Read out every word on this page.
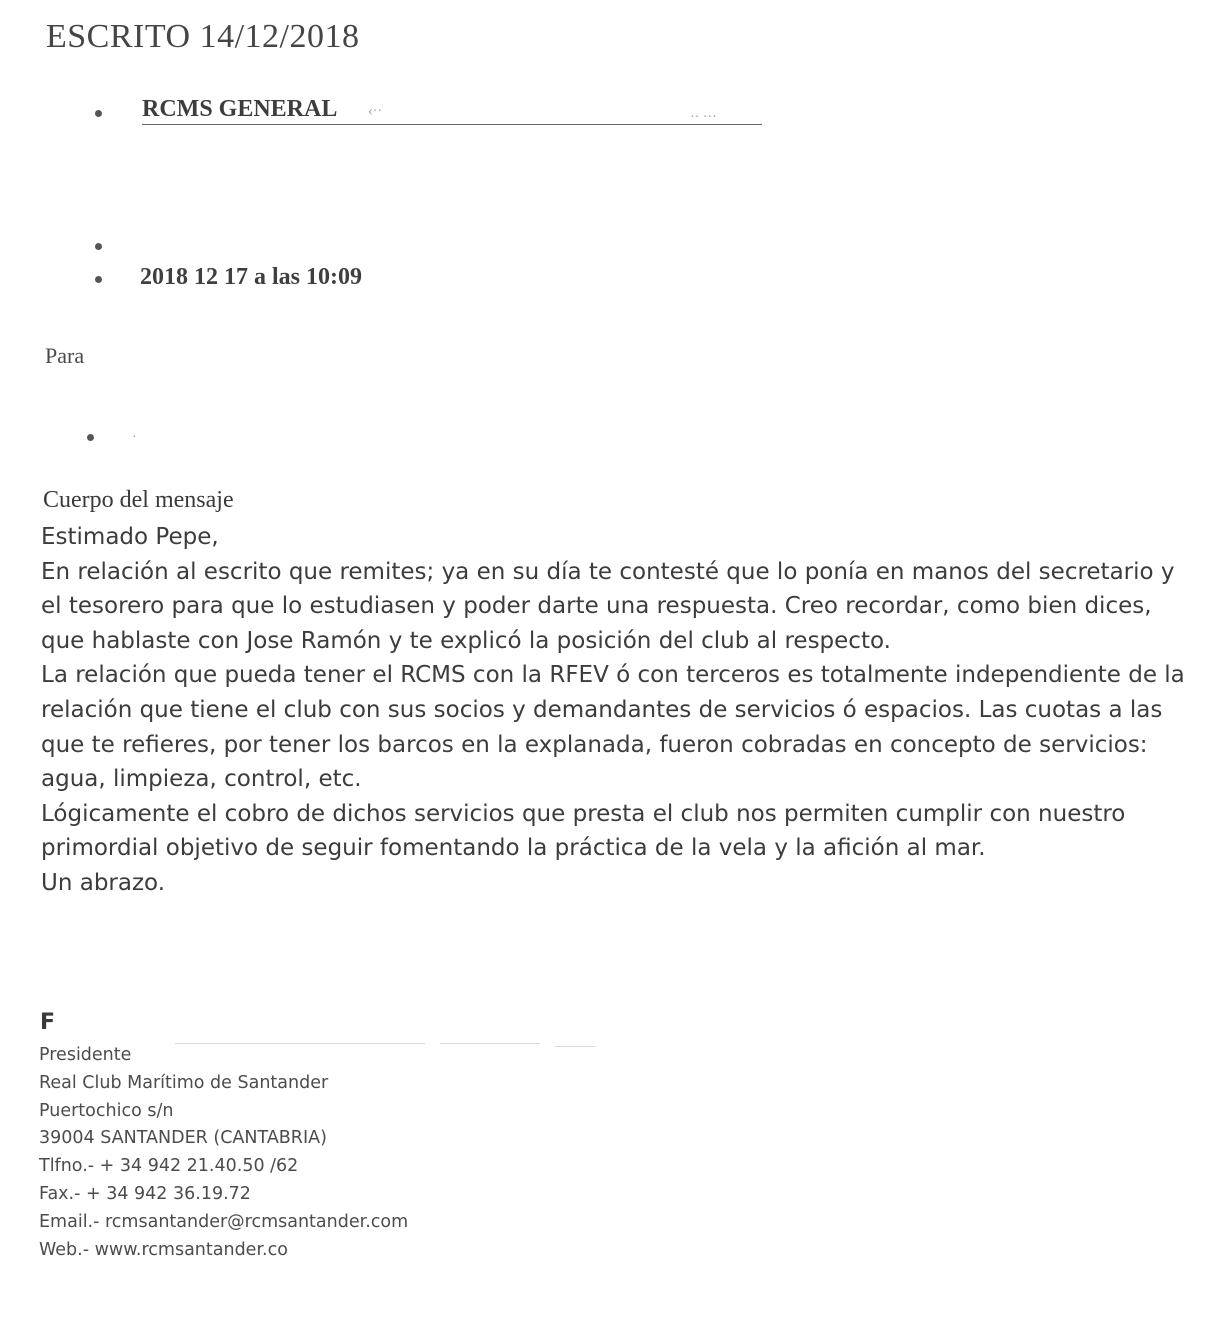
ESCRITO 14/12/2018
RCMS GENERAL ‹··	·· ···
2018 12 17 a las 10:09
Para
·
Cuerpo del mensaje

Estimado Pepe,

En relación al escrito que remites; ya en su día te contesté que lo ponía en manos del secretario y el tesorero para que lo estudiasen y poder darte una respuesta. Creo recordar, como bien dices, que hablaste con Jose Ramón y te explicó la posición del club al respecto.

La relación que pueda tener el RCMS con la RFEV ó con terceros es totalmente independiente de la relación que tiene el club con sus socios y demandantes de servicios ó espacios. Las cuotas a las que te refieres, por tener los barcos en la explanada, fueron cobradas en concepto de servicios: agua, limpieza, control, etc.

Lógicamente el cobro de dichos servicios que presta el club nos permiten cumplir con nuestro primordial objetivo de seguir fomentando la práctica de la vela y la afición al mar.

Un abrazo.

F
Presidente
Real Club Marítimo de Santander
Puertochico s/n
39004 SANTANDER (CANTABRIA)
Tlfno.- + 34 942 21.40.50 /62
Fax.- + 34 942 36.19.72
Email.- rcmsantander@rcmsantander.com
Web.- www.rcmsantander.co
